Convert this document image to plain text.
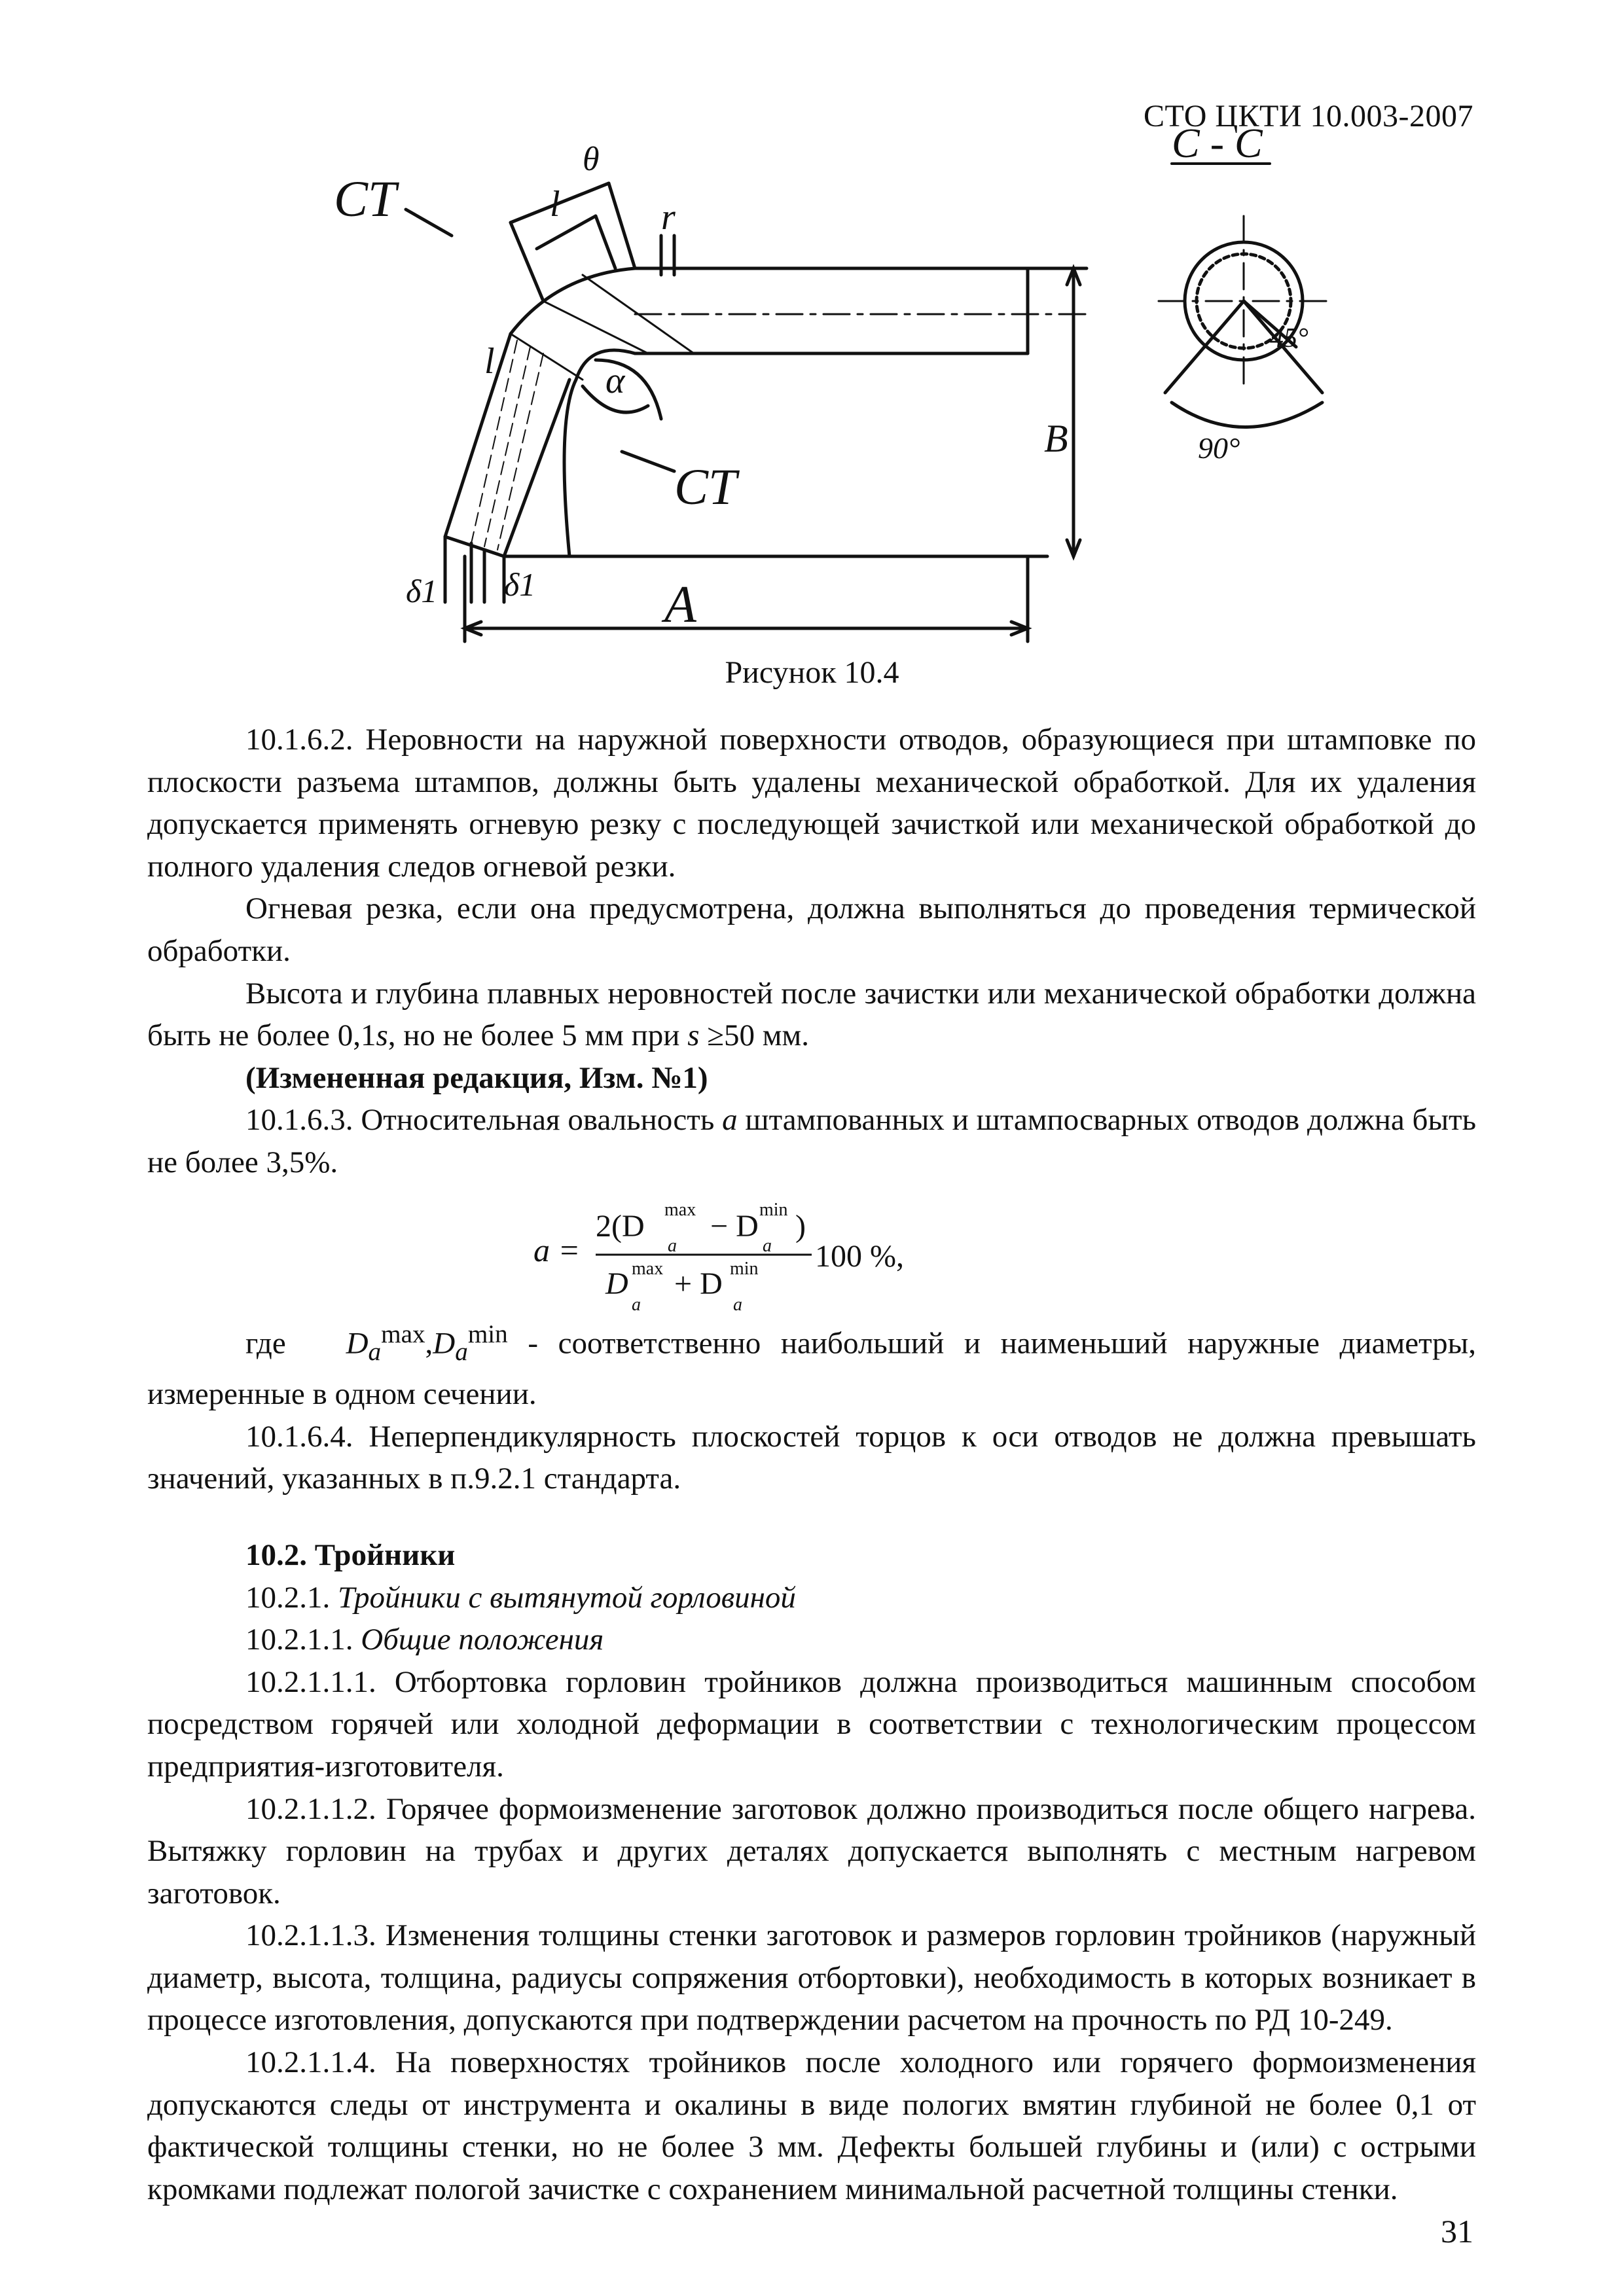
СТО ЦКТИ 10.003-2007
θ
l
l
r
α
СТ
СТ
В
A
δ1 δ1
С - С
45°
90°
Рисунок 10.4

10.1.6.2. Неровности на наружной поверхности отводов, образующиеся при штамповке по плоскости разъема штампов, должны быть удалены механической обработкой. Для их удаления допускается применять огневую резку с последующей зачисткой или механической обработкой до полного удаления следов огневой резки.

Огневая резка, если она предусмотрена, должна выполняться до проведения термической обработки.

Высота и глубина плавных неровностей после зачистки или механической обработки должна быть не более 0,1s, но не более 5 мм при s ≥50 мм.

(Измененная редакция, Изм. №1)

10.1.6.3. Относительная овальность a штампованных и штампосварных отводов должна быть не более 3,5%.

a =
2(D max
a
− D min
a
)
D max
a
+ D min
a
100 %,

где $D_a^{max},D_a^{min}$ - соответственно наибольший и наименьший наружные диаметры, измеренные в одном сечении.

10.1.6.4. Неперпендикулярность плоскостей торцов к оси отводов не должна превышать значений, указанных в п.9.2.1 стандарта.

10.2. Тройники

10.2.1. Тройники с вытянутой горловиной

10.2.1.1. Общие положения

10.2.1.1.1. Отбортовка горловин тройников должна производиться машинным способом посредством горячей или холодной деформации в соответствии с технологическим процессом предприятия-изготовителя.

10.2.1.1.2. Горячее формоизменение заготовок должно производиться после общего нагрева. Вытяжку горловин на трубах и других деталях допускается выполнять с местным нагревом заготовок.

10.2.1.1.3. Изменения толщины стенки заготовок и размеров горловин тройников (наружный диаметр, высота, толщина, радиусы сопряжения отбортовки), необходимость в которых возникает в процессе изготовления, допускаются при подтверждении расчетом на прочность по РД 10-249.

10.2.1.1.4. На поверхностях тройников после холодного или горячего формоизменения допускаются следы от инструмента и окалины в виде пологих вмятин глубиной не более 0,1 от фактической толщины стенки, но не более 3 мм. Дефекты большей глубины и (или) с острыми кромками подлежат пологой зачистке с сохранением минимальной расчетной толщины стенки.

31
